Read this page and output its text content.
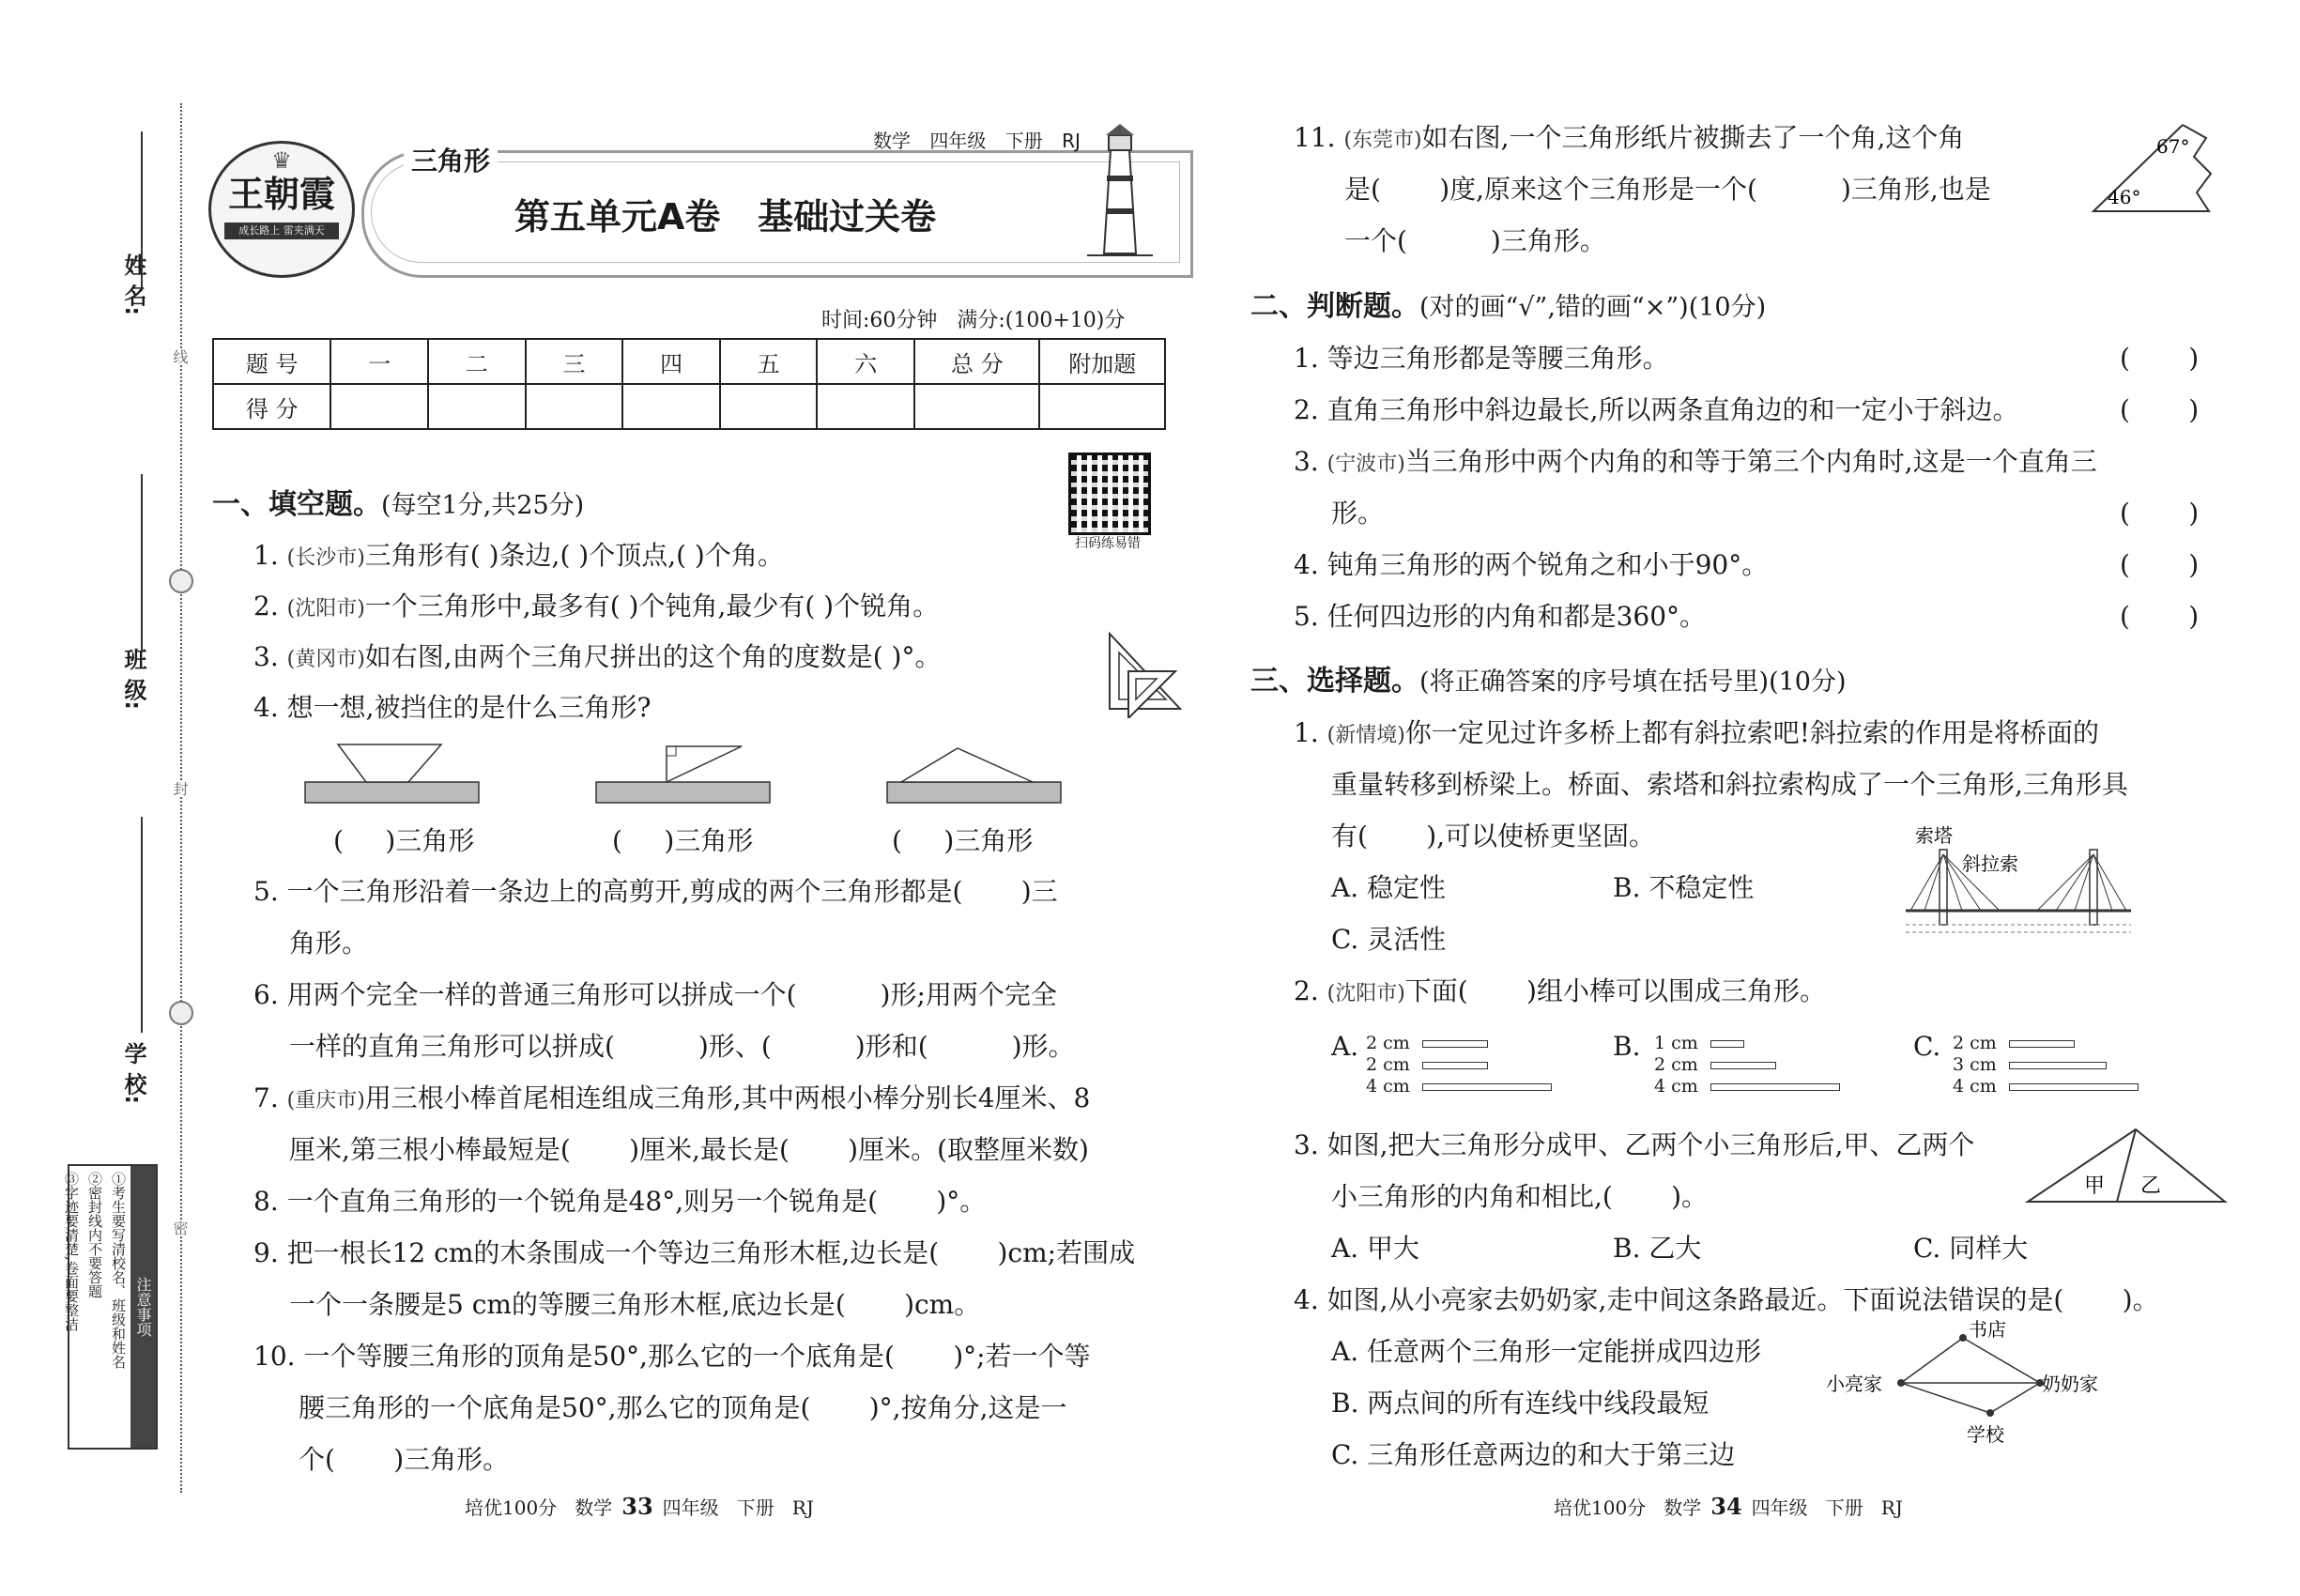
姓 名:
班 级:
学 校:
线
封
密
注意事项
①考生要写清校名、班级和姓名
②密封线内不要答题
③字迹要清楚,卷面要整洁
♛
王朝霞
成长路上 雷夹满天
三角形
数学 四年级 下册 RJ
第五单元A卷   基础过关卷
时间:60分钟   满分:(100+10)分
题 号	一	二	三	四	五	六	总 分	附加题
得 分								
扫码练易错
一、填空题。(每空1分,共25分)
1. (长沙市)三角形有( )条边,( )个顶点,( )个角。
2. (沈阳市)一个三角形中,最多有( )个钝角,最少有( )个锐角。
3. (黄冈市)如右图,由两个三角尺拼出的这个角的度数是( )°。
4. 想一想,被挡住的是什么三角形?
(     )三角形	(     )三角形	(     )三角形
5. 一个三角形沿着一条边上的高剪开,剪成的两个三角形都是(       )三
角形。
6. 用两个完全一样的普通三角形可以拼成一个(          )形;用两个完全
一样的直角三角形可以拼成(          )形、(          )形和(          )形。
7. (重庆市)用三根小棒首尾相连组成三角形,其中两根小棒分别长4厘米、8
厘米,第三根小棒最短是(       )厘米,最长是(       )厘米。(取整厘米数)
8. 一个直角三角形的一个锐角是48°,则另一个锐角是(       )°。
9. 把一根长12 cm的木条围成一个等边三角形木框,边长是(       )cm;若围成
一个一条腰是5 cm的等腰三角形木框,底边长是(       )cm。
10. 一个等腰三角形的顶角是50°,那么它的一个底角是(       )°;若一个等
腰三角形的一个底角是50°,那么它的顶角是(       )°,按角分,这是一
个(       )三角形。
培优100分   数学 33 四年级   下册   RJ
11. (东莞市)如右图,一个三角形纸片被撕去了一个角,这个角
是(       )度,原来这个三角形是一个(          )三角形,也是
一个(          )三角形。
67°
46°
二、判断题。(对的画“√”,错的画“×”)(10分)
1. 等边三角形都是等腰三角形。
2. 直角三角形中斜边最长,所以两条直角边的和一定小于斜边。
3. (宁波市)当三角形中两个内角的和等于第三个内角时,这是一个直角三
形。
4. 钝角三角形的两个锐角之和小于90°。
5. 任何四边形的内角和都是360°。
(       )
(       )
(       )
(       )
(       )
三、选择题。(将正确答案的序号填在括号里)(10分)
1. (新情境)你一定见过许多桥上都有斜拉索吧!斜拉索的作用是将桥面的
重量转移到桥梁上。桥面、索塔和斜拉索构成了一个三角形,三角形具
有(       ),可以使桥更坚固。
A. 稳定性	B. 不稳定性
C. 灵活性
索塔
斜拉索
2. (沈阳市)下面(       )组小棒可以围成三角形。
A. 2 cm
2 cm
4 cm
B. 1 cm
2 cm
4 cm
C. 2 cm
3 cm
4 cm
3. 如图,把大三角形分成甲、乙两个小三角形后,甲、乙两个
小三角形的内角和相比,(       )。	甲 乙
A. 甲大	B. 乙大	C. 同样大
4. 如图,从小亮家去奶奶家,走中间这条路最近。下面说法错误的是(       )。
A. 任意两个三角形一定能拼成四边形
B. 两点间的所有连线中线段最短
C. 三角形任意两边的和大于第三边
书店
小亮家	奶奶家
学校
培优100分   数学 34 四年级   下册   RJ
